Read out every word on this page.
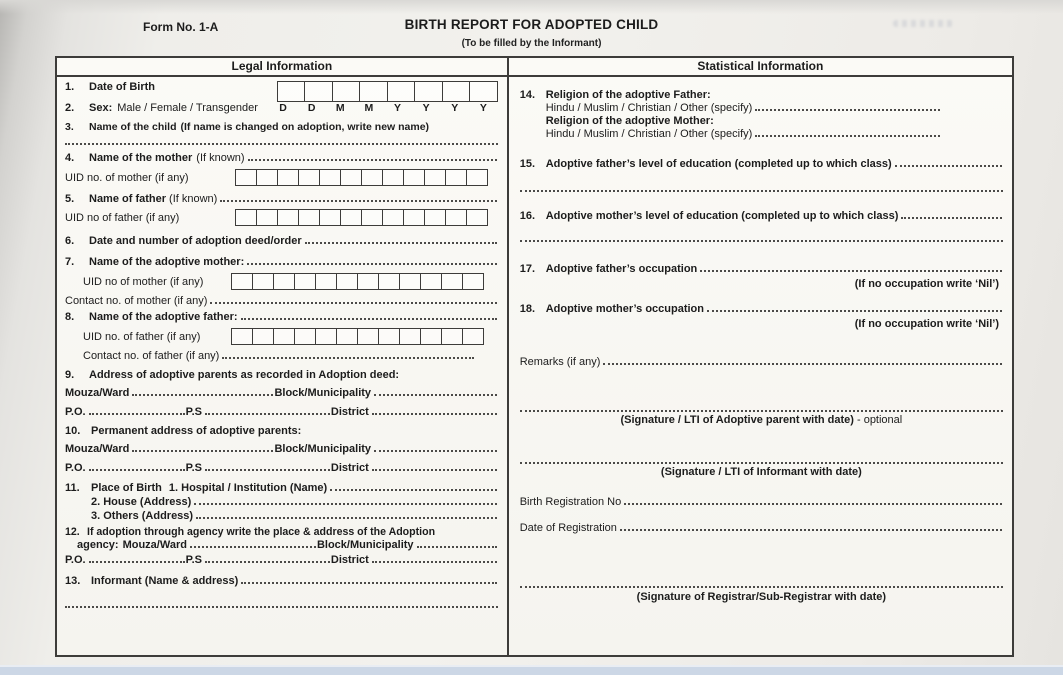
Form No. 1-A	BIRTH REPORT FOR ADOPTED CHILD
(To be filled by the Informant)
Legal Information	Statistical Information
1.	Date of Birth
2.	Sex: Male / Female / Transgender	D	D	M	M	Y	Y	Y	Y
3.	Name of the child (If name is changed on adoption, write new name)
4.	Name of the mother (If known)
UID no. of mother (if any)
5.	Name of father (If known)
UID no of father (if any)
6.	Date and number of adoption deed/order
7.	Name of the adoptive mother:
UID no of mother (if any)
Contact no. of mother (if any)
8.	Name of the adoptive father:
UID no. of father (if any)
Contact no. of father (if any)
9.	Address of adoptive parents as recorded in Adoption deed:
Mouza/Ward	Block/Municipality
P.O.	P.S	District
10. Permanent address of adoptive parents:
Mouza/Ward	Block/Municipality
P.O.	P.S	District
11.	Place of Birth 1. Hospital / Institution (Name)
2. House (Address)
3. Others (Address)
12. If adoption through agency write the place & address of the Adoption
agency: Mouza/Ward	Block/Municipality
P.O.	P.S	District
13. Informant (Name & address)
14. Religion of the adoptive Father:
Hindu / Muslim / Christian / Other (specify)
Religion of the adoptive Mother:
Hindu / Muslim / Christian / Other (specify)
15. Adoptive father’s level of education (completed up to which class)
16. Adoptive mother’s level of education (completed up to which class)
17. Adoptive father’s occupation
(If no occupation write ‘Nil’)
18. Adoptive mother’s occupation
(If no occupation write ‘Nil’)
Remarks (if any)
(Signature / LTI of Adoptive parent with date) - optional
(Signature / LTI of Informant with date)
Birth Registration No
Date of Registration
(Signature of Registrar/Sub-Registrar with date)
